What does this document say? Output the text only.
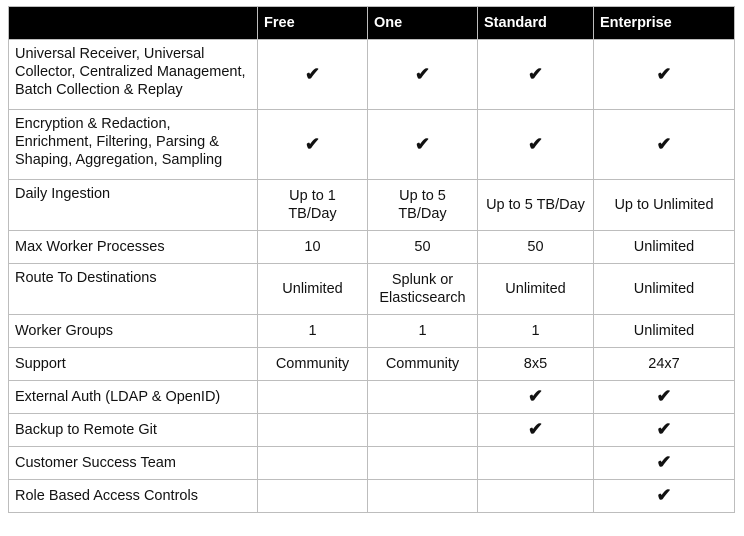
	Free	One	Standard	Enterprise
Universal Receiver, Universal Collector, Centralized Management, Batch Collection & Replay	✔	✔	✔	✔
Encryption & Redaction, Enrichment, Filtering, Parsing & Shaping, Aggregation, Sampling	✔	✔	✔	✔
Daily Ingestion	Up to 1 TB/Day	Up to 5 TB/Day	Up to 5 TB/Day	Up to Unlimited
Max Worker Processes	10	50	50	Unlimited
Route To Destinations	Unlimited	Splunk or Elasticsearch	Unlimited	Unlimited
Worker Groups	1	1	1	Unlimited
Support	Community	Community	8x5	24x7
External Auth (LDAP & OpenID)			✔	✔
Backup to Remote Git			✔	✔
Customer Success Team				✔
Role Based Access Controls				✔
